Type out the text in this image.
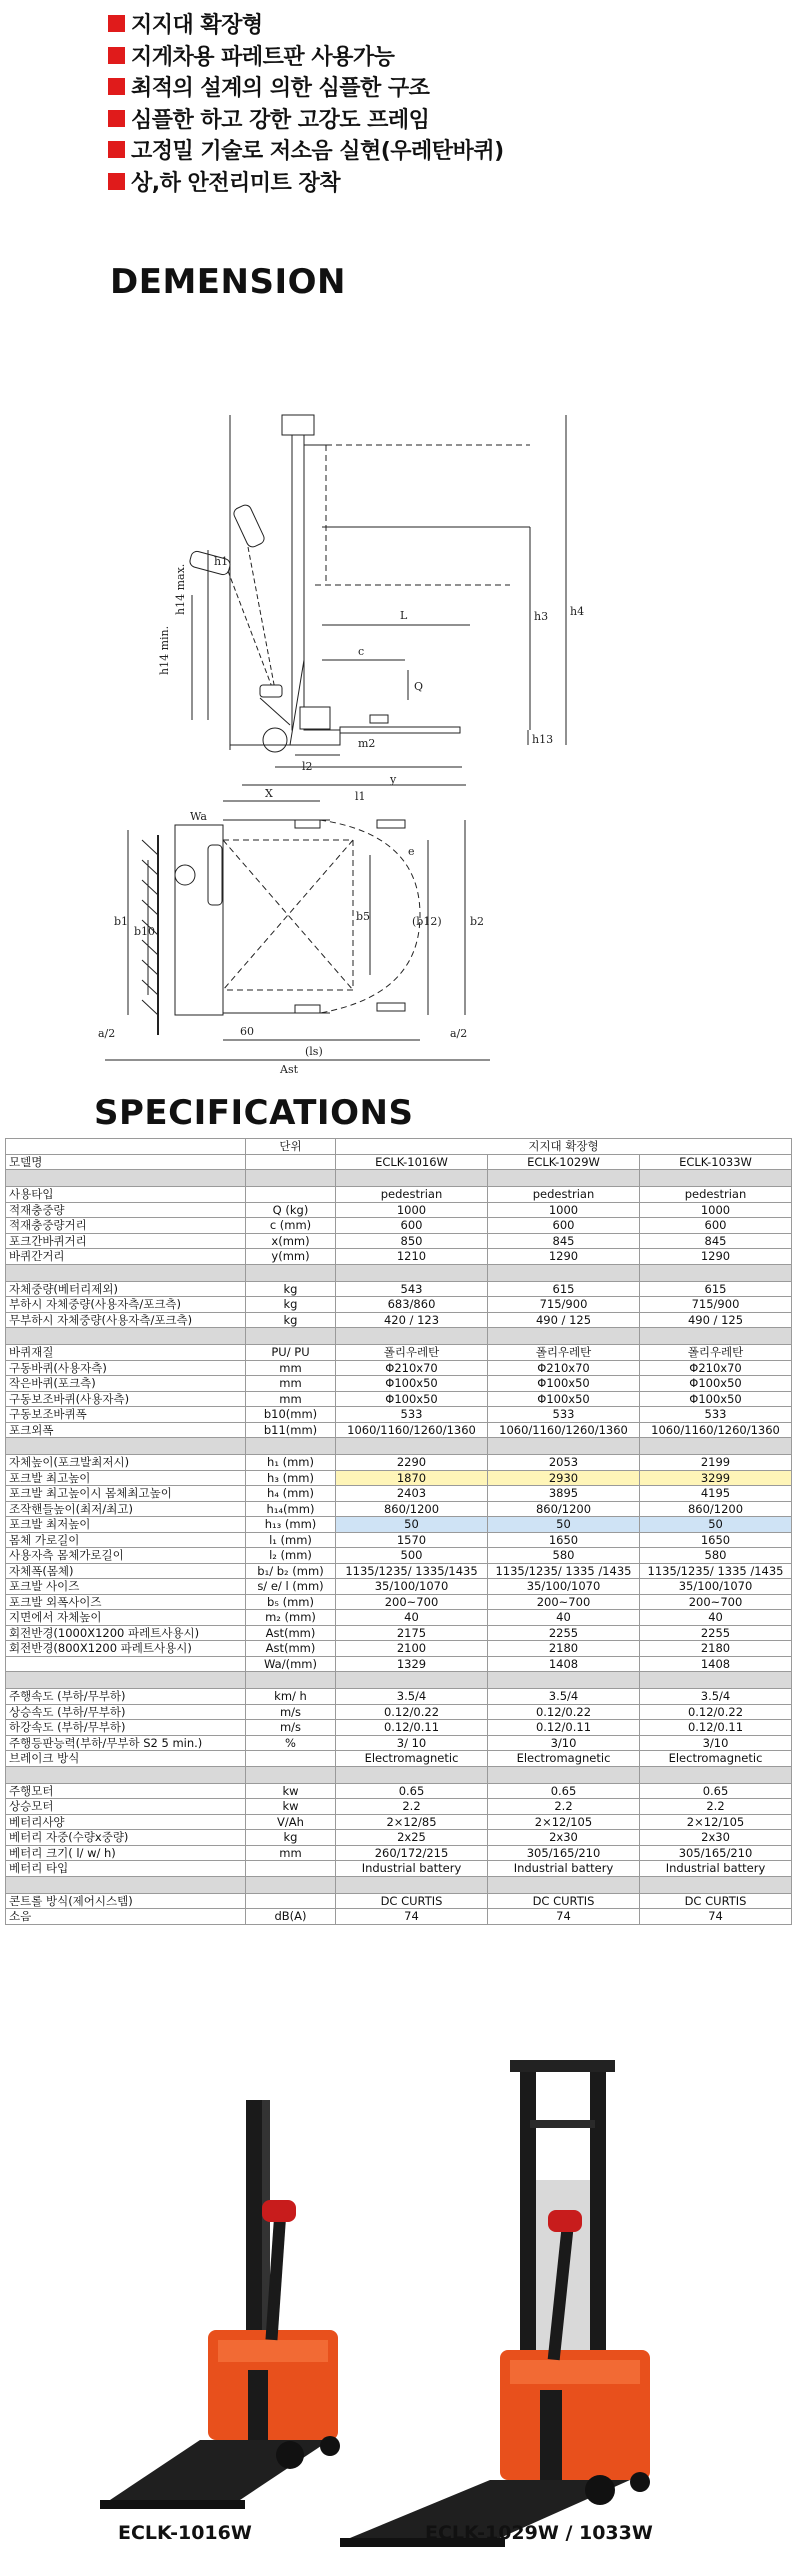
지지대 확장형
지게차용 파레트판 사용가능
최적의 설계의 의한 심플한 구조
심플한 하고 강한 고강도 프레임
고정밀 기술로 저소음 실현(우레탄바퀴)
상,하 안전리미트 장착
DEMENSION
h1
h14 max.
h14 min.
h3 h4
h13
L
c
Q
l2
y
l1
m2
X
Wa
b1
b10
b5	(b12)	b2
e
60
(ls)
Ast
a/2	a/2
SPECIFICATIONS
	단위	지지대 확장형		
모델명		ECLK-1016W	ECLK-1029W	ECLK-1033W

사용타입		pedestrian	pedestrian	pedestrian
적재충중량	Q (kg)	1000	1000	1000
적재충중량거리	c (mm)	600	600	600
포크간바퀴거리	x(mm)	850	845	845
바퀴간거리	y(mm)	1210	1290	1290

자체중량(베터리제외)	kg	543	615	615
부하시 자체중량(사용자측/포크측)	kg	683/860	715/900	715/900
무부하시 자체중량(사용자측/포크측)	kg	420 / 123	490 / 125	490 / 125

바퀴재질	PU/ PU	폴리우레탄	폴리우레탄	폴리우레탄
구동바퀴(사용자측)	mm	Φ210x70	Φ210x70	Φ210x70
작은바퀴(포크측)	mm	Φ100x50	Φ100x50	Φ100x50
구동보조바퀴(사용자측)	mm	Φ100x50	Φ100x50	Φ100x50
구동보조바퀴폭	b10(mm)	533	533	533
포크외폭	b11(mm)	1060/1160/1260/1360	1060/1160/1260/1360	1060/1160/1260/1360

자체높이(포크발최저시)	h₁ (mm)	2290	2053	2199
포크발 최고높이	h₃ (mm)	1870	2930	3299
포크발 최고높이시 몸체최고높이	h₄ (mm)	2403	3895	4195
조작핸들높이(최저/최고)	h₁₄(mm)	860/1200	860/1200	860/1200
포크발 최저높이	h₁₃ (mm)	50	50	50
몸체 가로길이	l₁ (mm)	1570	1650	1650
사용자측 몸체가로길이	l₂ (mm)	500	580	580
자체폭(몸체)	b₁/ b₂ (mm)	1135/1235/ 1335/1435	1135/1235/ 1335 /1435	1135/1235/ 1335 /1435
포크발 사이즈	s/ e/ l (mm)	35/100/1070	35/100/1070	35/100/1070
포크발 외폭사이즈	b₅ (mm)	200~700	200~700	200~700
지면에서 자체높이	m₂ (mm)	40	40	40
회전반경(1000X1200 파레트사용시)	Ast(mm)	2175	2255	2255
회전반경(800X1200 파레트사용시)	Ast(mm)	2100	2180	2180
	Wa/(mm)	1329	1408	1408

주행속도 (부하/무부하)	km/ h	3.5/4	3.5/4	3.5/4
상승속도 (부하/무부하)	m/s	0.12/0.22	0.12/0.22	0.12/0.22
하강속도 (부하/무부하)	m/s	0.12/0.11	0.12/0.11	0.12/0.11
주행등판능력(부하/무부하 S2 5 min.)	%	3/ 10	3/10	3/10
브레이크 방식		Electromagnetic	Electromagnetic	Electromagnetic

주행모터	kw	0.65	0.65	0.65
상승모터	kw	2.2	2.2	2.2
베터리사양	V/Ah	2×12/85	2×12/105	2×12/105
베터리 자중(수량x중량)	kg	2x25	2x30	2x30
베터리 크기( l/ w/ h)	mm	260/172/215	305/165/210	305/165/210
베터리 타입		Industrial battery	Industrial battery	Industrial battery

콘트롤 방식(제어시스템)		DC CURTIS	DC CURTIS	DC CURTIS
소음	dB(A)	74	74	74
ECLK-1016W	ECLK-1029W / 1033W
